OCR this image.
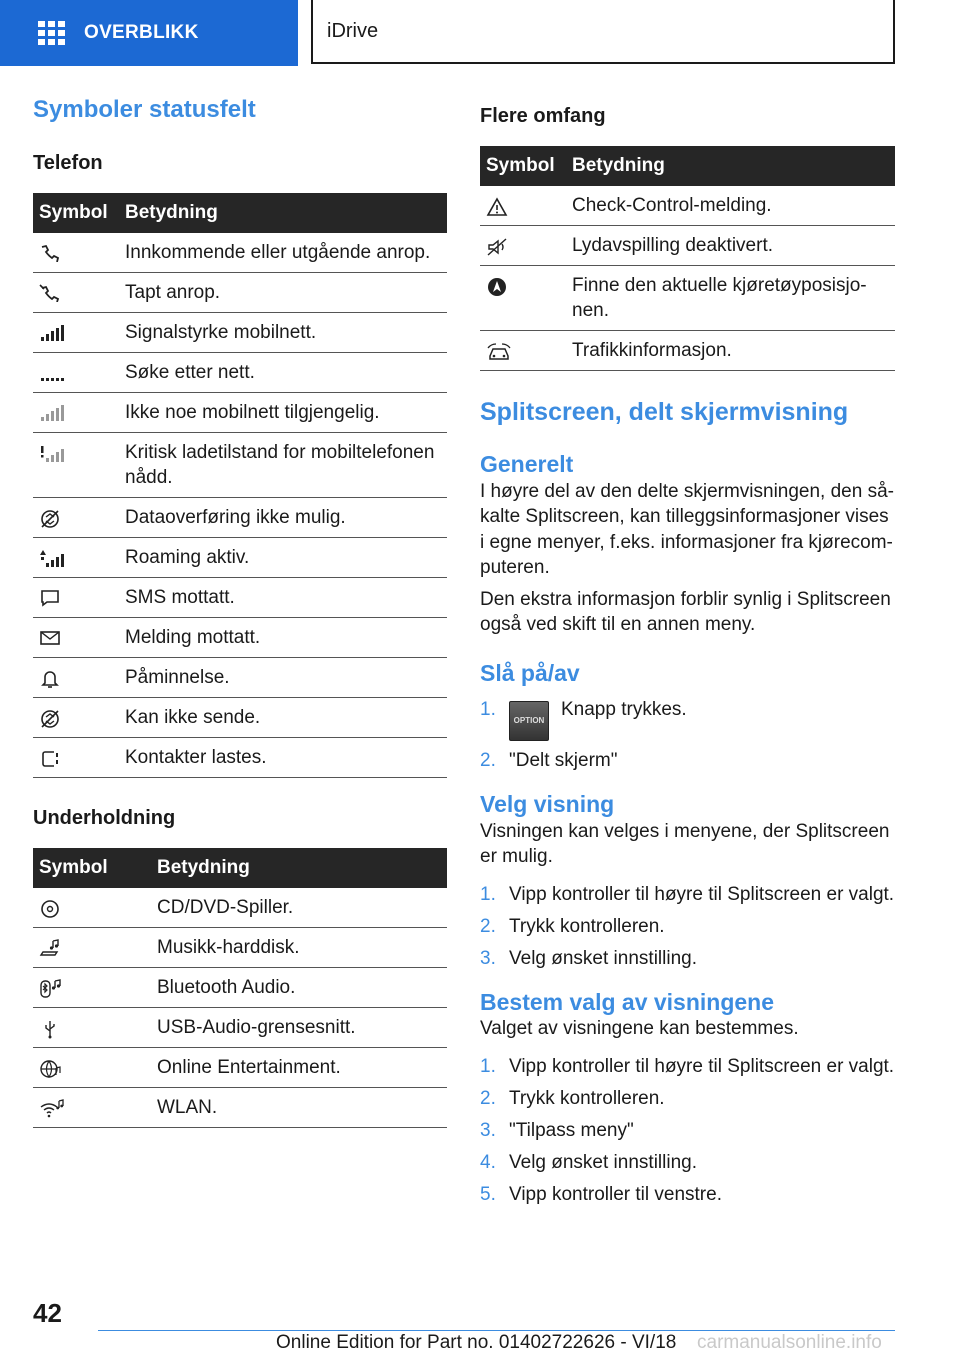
OVERBLIKK	iDrive
Symboler statusfelt
Telefon
Symbol	Betydning

	Innkommende eller utgående anrop.

	Tapt anrop.

	Signalstyrke mobilnett.

	Søke etter nett.

	Ikke noe mobilnett tilgjengelig.

	Kritisk ladetilstand for mobiltelefonen nådd.

	Dataoverføring ikke mulig.

	Roaming aktiv.

	SMS mottatt.

	Melding mottatt.

	Påminnelse.

	Kan ikke sende.

	Kontakter lastes.
Underholdning
Symbol	Betydning

	CD/DVD-Spiller.

	Musikk-harddisk.

	Bluetooth Audio.

	USB-Audio-grensesnitt.

	Online Entertainment.

	WLAN.
Flere omfang
Symbol	Betydning

	Check-Control-melding.

	Lydavspilling deaktivert.

	Finne den aktuelle kjøretøyposisjo-nen.

	Trafikkinformasjon.
Splitscreen, delt skjermvisning
Generelt

I høyre del av den delte skjermvisningen, den så-kalte Splitscreen, kan tilleggsinformasjoner vises i egne menyer, f.eks. informasjoner fra kjørecom-puteren.

Den ekstra informasjon forblir synlig i Splitscreen også ved skift til en annen meny.

Slå på/av
1.
OPTIONKnapp trykkes.
2. "Delt skjerm"
Velg visning

Visningen kan velges i menyene, der Splitscreen er mulig.

1. Vipp kontroller til høyre til Splitscreen er valgt.
2. Trykk kontrolleren.
3. Velg ønsket innstilling.
Bestem valg av visningene

Valget av visningene kan bestemmes.

1. Vipp kontroller til høyre til Splitscreen er valgt.
2. Trykk kontrolleren.
3. "Tilpass meny"
4. Velg ønsket innstilling.
5. Vipp kontroller til venstre.
42
Online Edition for Part no. 01402722626 - VI/18 carmanualsonline.info
